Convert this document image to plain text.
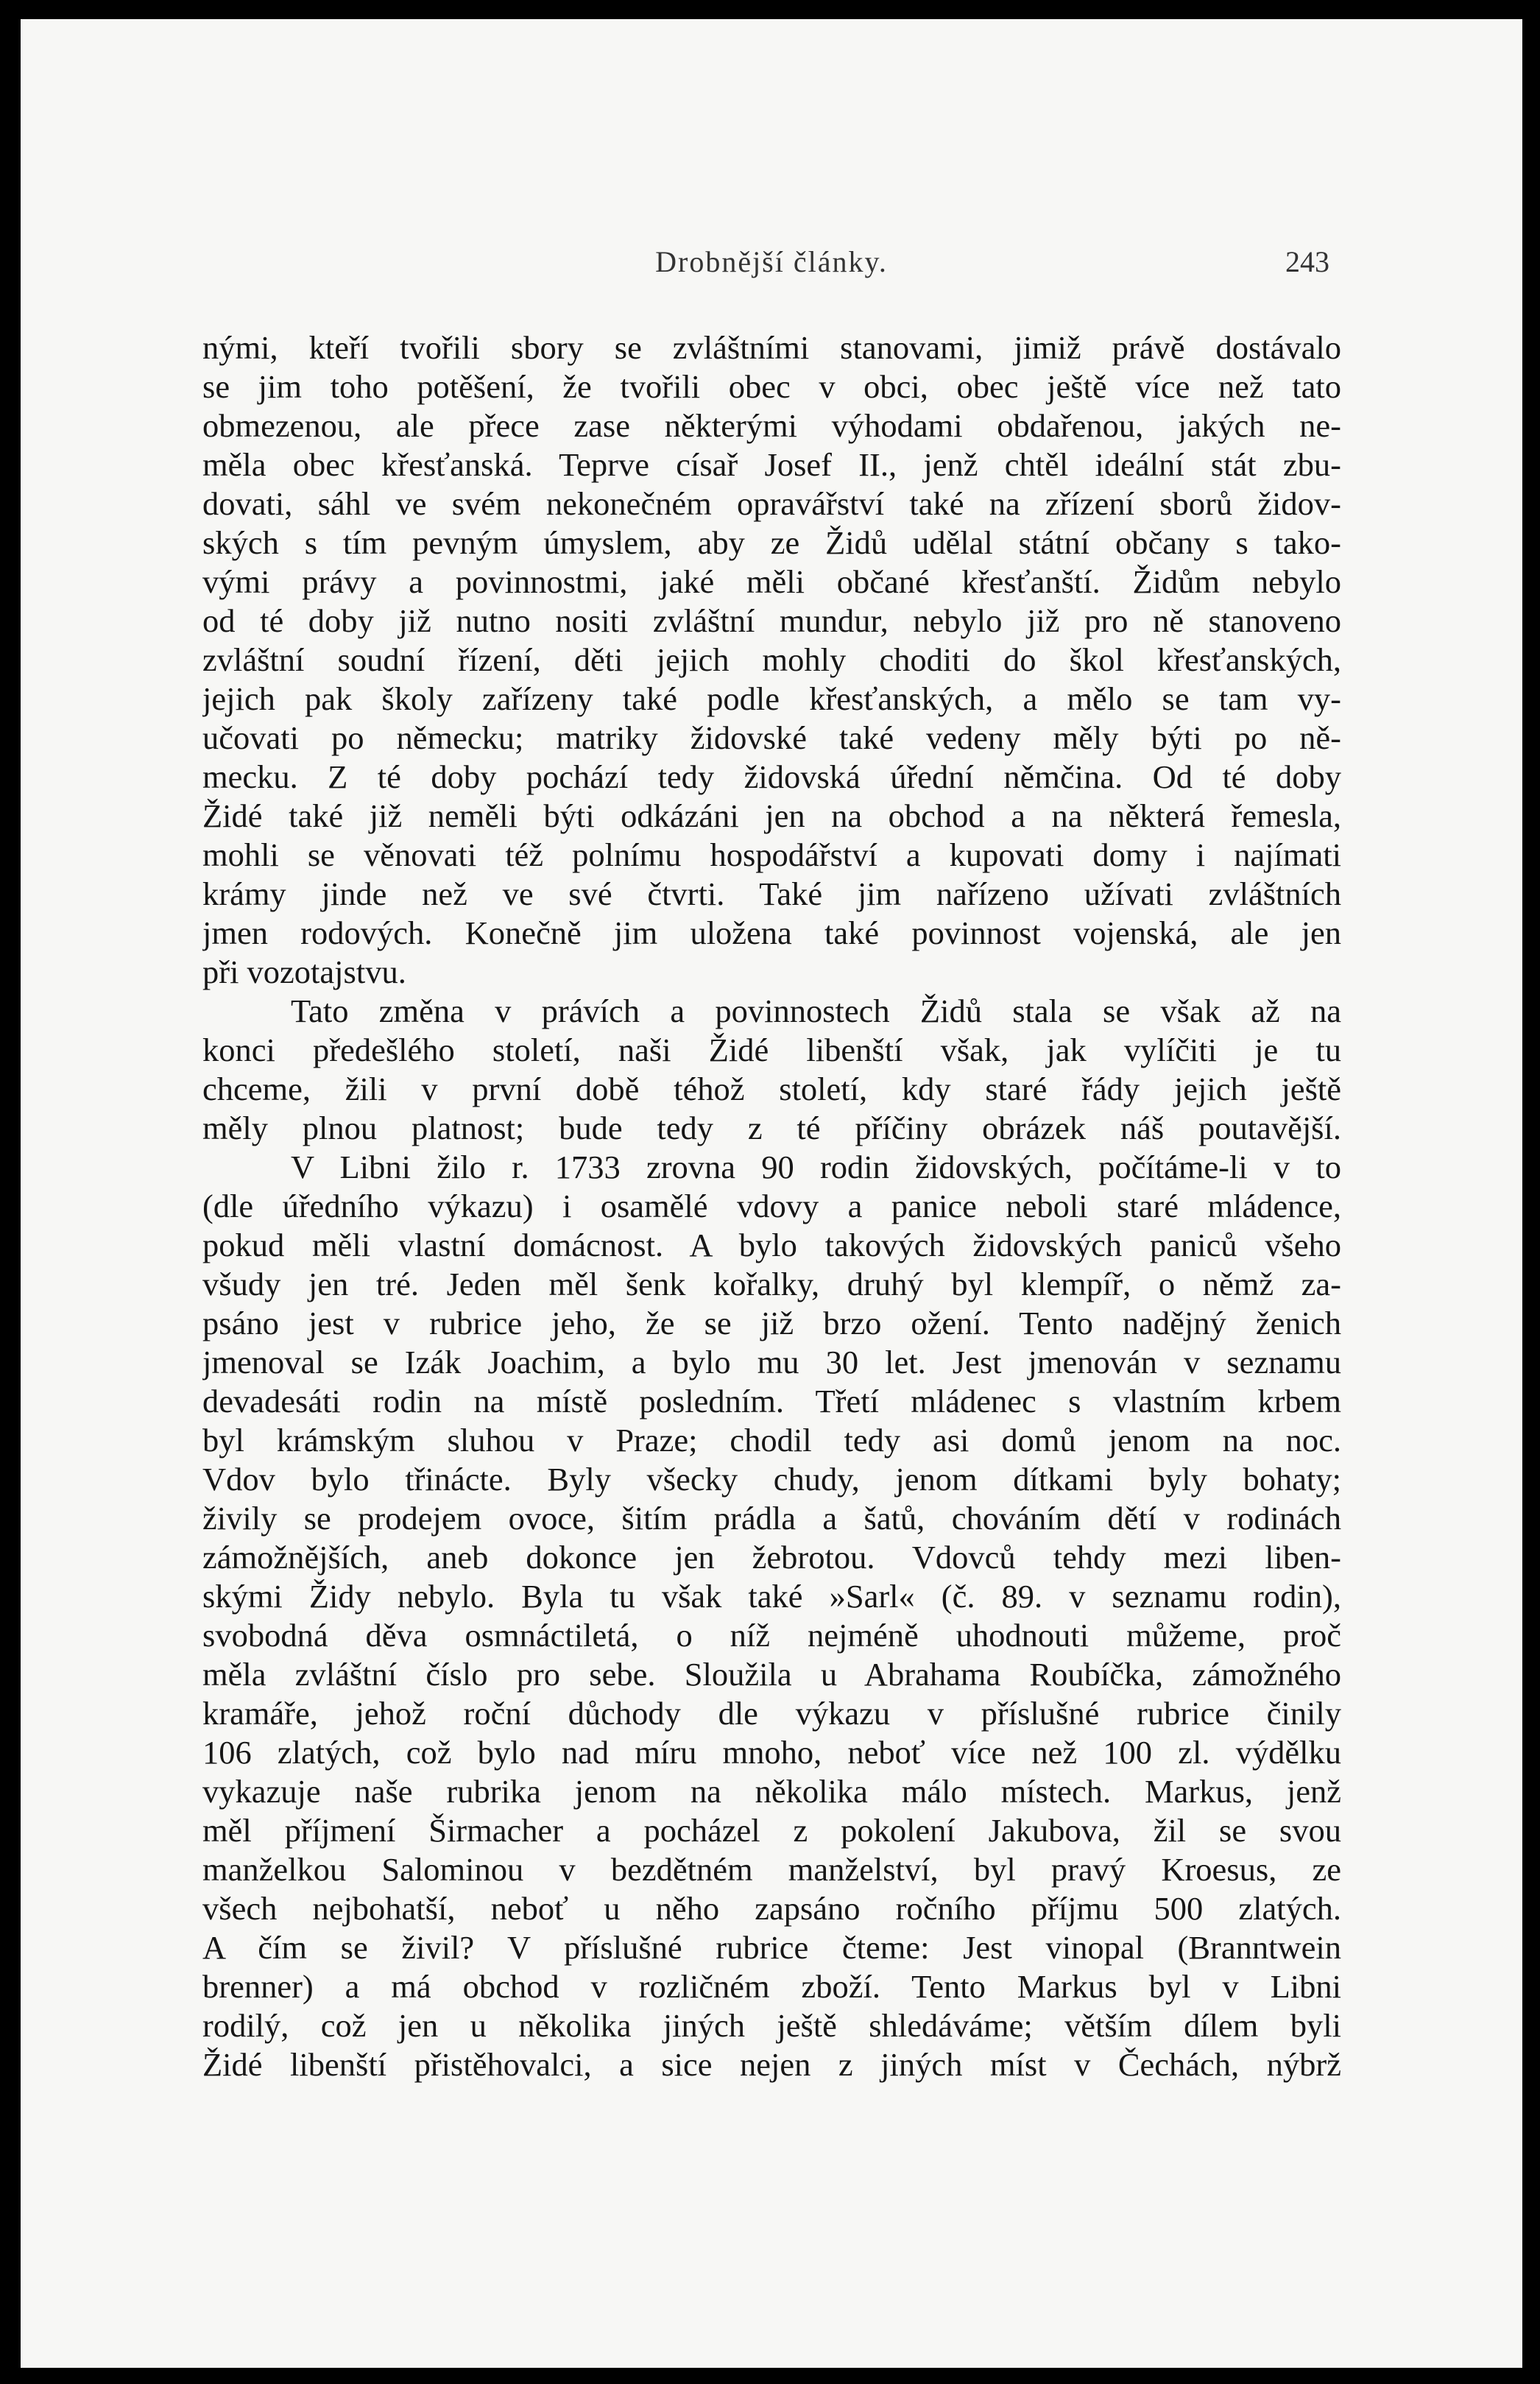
Drobnější články.	243
nými, kteří tvořili sbory se zvláštními stanovami, jimiž právě dostávalo
se jim toho potěšení, že tvořili obec v obci, obec ještě více než tato
obmezenou, ale přece zase některými výhodami obdařenou, jakých ne-
měla obec křesťanská. Teprve císař Josef II., jenž chtěl ideální stát zbu-
dovati, sáhl ve svém nekonečném opravářství také na zřízení sborů židov-
ských s tím pevným úmyslem, aby ze Židů udělal státní občany s tako-
vými právy a povinnostmi, jaké měli občané křesťanští. Židům nebylo
od té doby již nutno nositi zvláštní mundur, nebylo již pro ně stanoveno
zvláštní soudní řízení, děti jejich mohly choditi do škol křesťanských,
jejich pak školy zařízeny také podle křesťanských, a mělo se tam vy-
učovati po německu; matriky židovské také vedeny měly býti po ně-
mecku. Z té doby pochází tedy židovská úřední němčina. Od té doby
Židé také již neměli býti odkázáni jen na obchod a na některá řemesla,
mohli se věnovati též polnímu hospodářství a kupovati domy i najímati
krámy jinde než ve své čtvrti. Také jim nařízeno užívati zvláštních
jmen rodových. Konečně jim uložena také povinnost vojenská, ale jen
při vozotajstvu.
Tato změna v právích a povinnostech Židů stala se však až na
konci předešlého století, naši Židé libenští však, jak vylíčiti je tu
chceme, žili v první době téhož století, kdy staré řády jejich ještě
měly plnou platnost; bude tedy z té příčiny obrázek náš poutavější.
V Libni žilo r. 1733 zrovna 90 rodin židovských, počítáme-li v to
(dle úředního výkazu) i osamělé vdovy a panice neboli staré mládence,
pokud měli vlastní domácnost. A bylo takových židovských paniců všeho
všudy jen tré. Jeden měl šenk kořalky, druhý byl klempíř, o němž za-
psáno jest v rubrice jeho, že se již brzo ožení. Tento nadějný ženich
jmenoval se Izák Joachim, a bylo mu 30 let. Jest jmenován v seznamu
devadesáti rodin na místě posledním. Třetí mládenec s vlastním krbem
byl krámským sluhou v Praze; chodil tedy asi domů jenom na noc.
Vdov bylo třinácte. Byly všecky chudy, jenom dítkami byly bohaty;
živily se prodejem ovoce, šitím prádla a šatů, chováním dětí v rodinách
zámožnějších, aneb dokonce jen žebrotou. Vdovců tehdy mezi liben-
skými Židy nebylo. Byla tu však také »Sarl« (č. 89. v seznamu rodin),
svobodná děva osmnáctiletá, o níž nejméně uhodnouti můžeme, proč
měla zvláštní číslo pro sebe. Sloužila u Abrahama Roubíčka, zámožného
kramáře, jehož roční důchody dle výkazu v příslušné rubrice činily
106 zlatých, což bylo nad míru mnoho, neboť více než 100 zl. výdělku
vykazuje naše rubrika jenom na několika málo místech. Markus, jenž
měl příjmení Širmacher a pocházel z pokolení Jakubova, žil se svou
manželkou Salominou v bezdětném manželství, byl pravý Kroesus, ze
všech nejbohatší, neboť u něho zapsáno ročního příjmu 500 zlatých.
A čím se živil? V příslušné rubrice čteme: Jest vinopal (Branntwein
brenner) a má obchod v rozličném zboží. Tento Markus byl v Libni
rodilý, což jen u několika jiných ještě shledáváme; větším dílem byli
Židé libenští přistěhovalci, a sice nejen z jiných míst v Čechách, nýbrž
